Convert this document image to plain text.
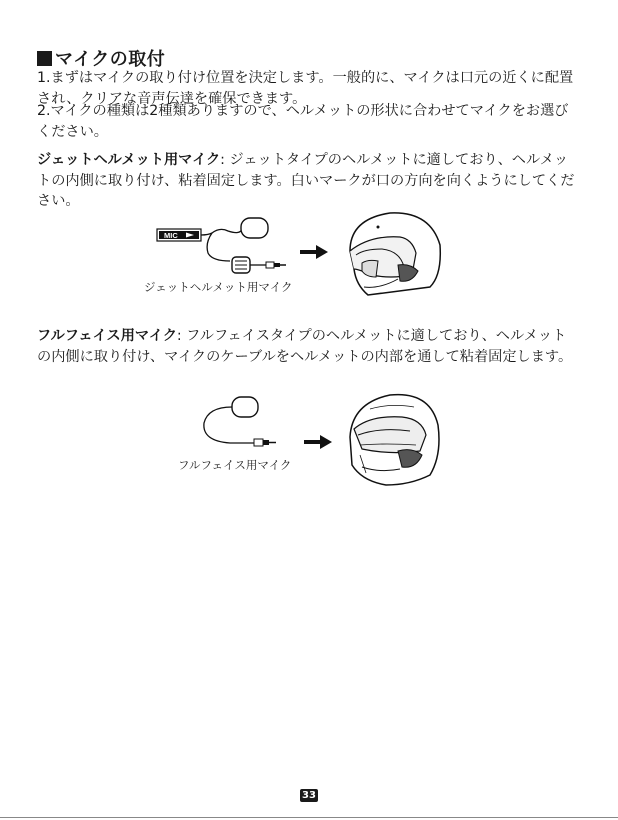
マイクの取付
1.まずはマイクの取り付け位置を決定します。一般的に、マイクは口元の近くに配置され、クリアな音声伝達を確保できます。
2.マイクの種類は2種類ありますので、ヘルメットの形状に合わせてマイクをお選びください。
ジェットヘルメット用マイク: ジェットタイプのヘルメットに適しており、ヘルメットの内側に取り付け、粘着固定します。白いマークが口の方向を向くようにしてください。
MIC
ジェットヘルメット用マイク
フルフェイス用マイク: フルフェイスタイプのヘルメットに適しており、ヘルメットの内側に取り付け、マイクのケーブルをヘルメットの内部を通して粘着固定します。
フルフェイス用マイク
33
